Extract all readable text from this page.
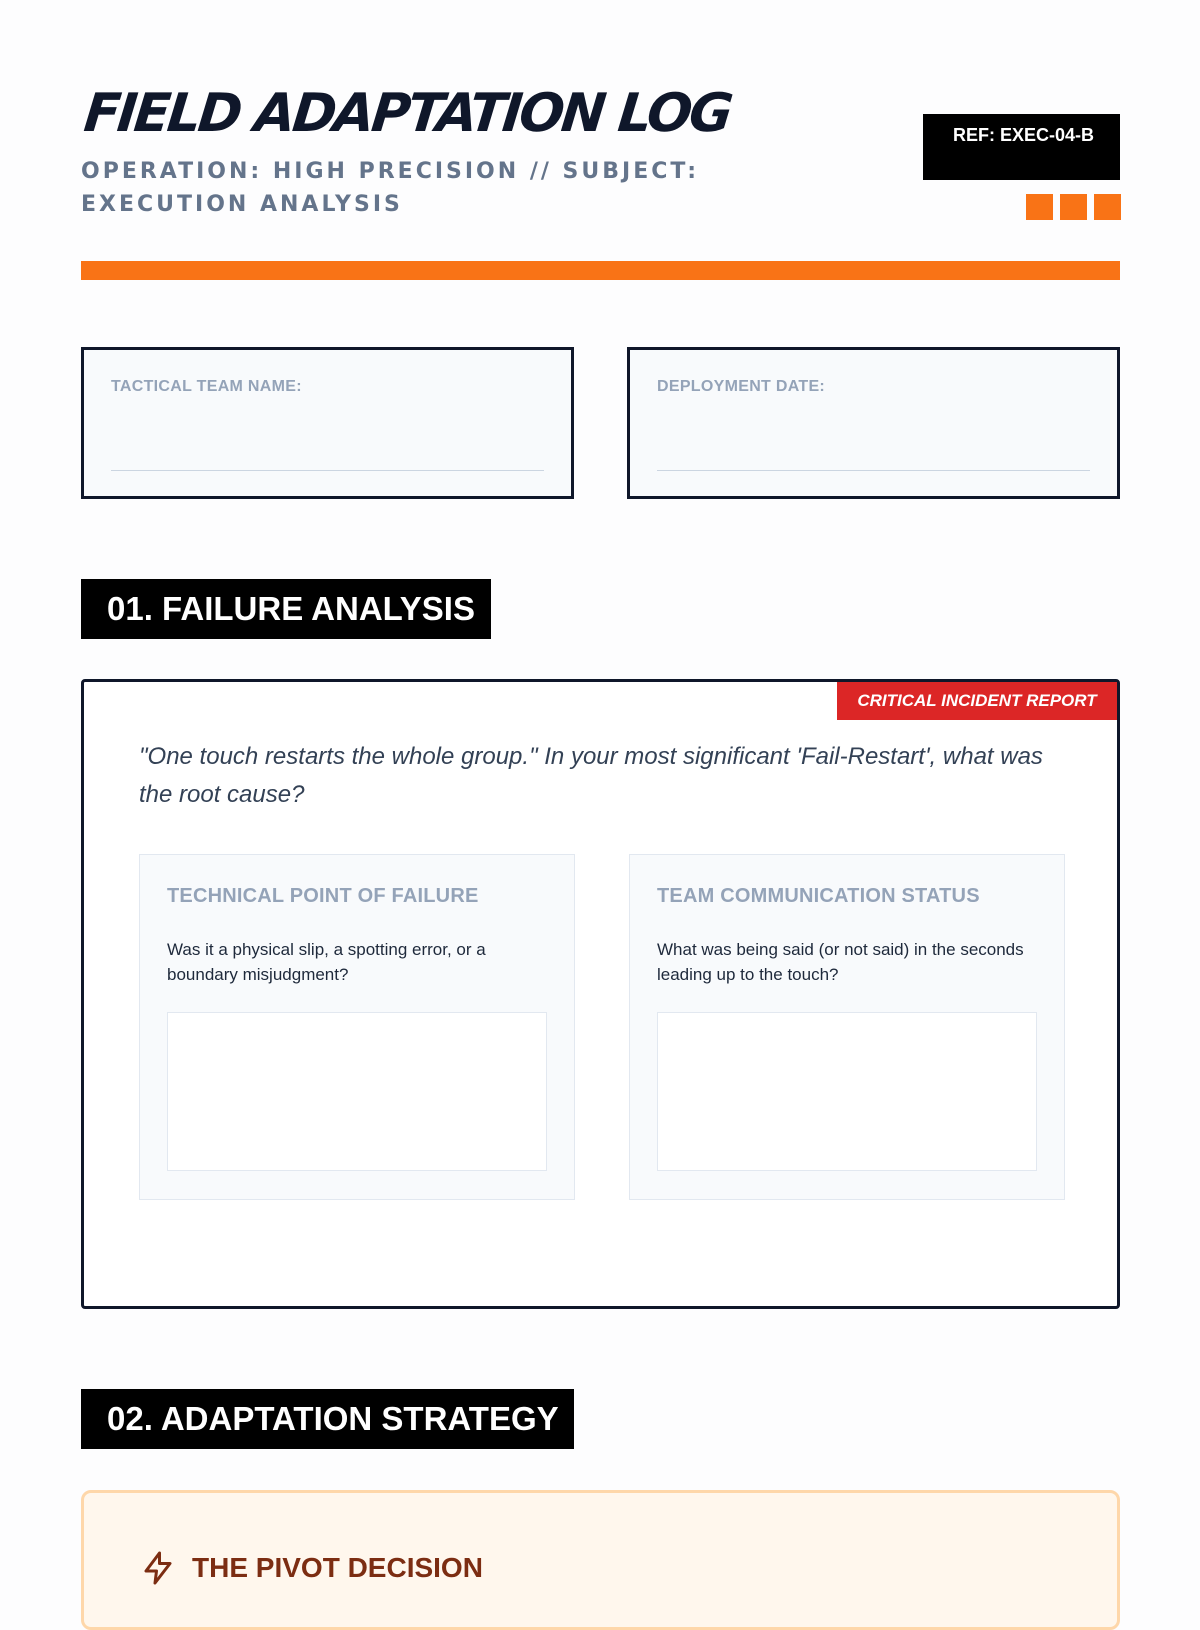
FIELD ADAPTATION LOG

OPERATION: HIGH PRECISION // SUBJECT: EXECUTION ANALYSIS

REF: EXEC-04-B
TACTICAL TEAM NAME:	DEPLOYMENT DATE:
01. FAILURE ANALYSIS
CRITICAL INCIDENT REPORT

"One touch restarts the whole group." In your most significant 'Fail-Restart', what was the root cause?

TECHNICAL POINT OF FAILURE

Was it a physical slip, a spotting error, or a boundary misjudgment?

TEAM COMMUNICATION STATUS

What was being said (or not said) in the seconds leading up to the touch?

02. ADAPTATION STRATEGY
THE PIVOT DECISION
